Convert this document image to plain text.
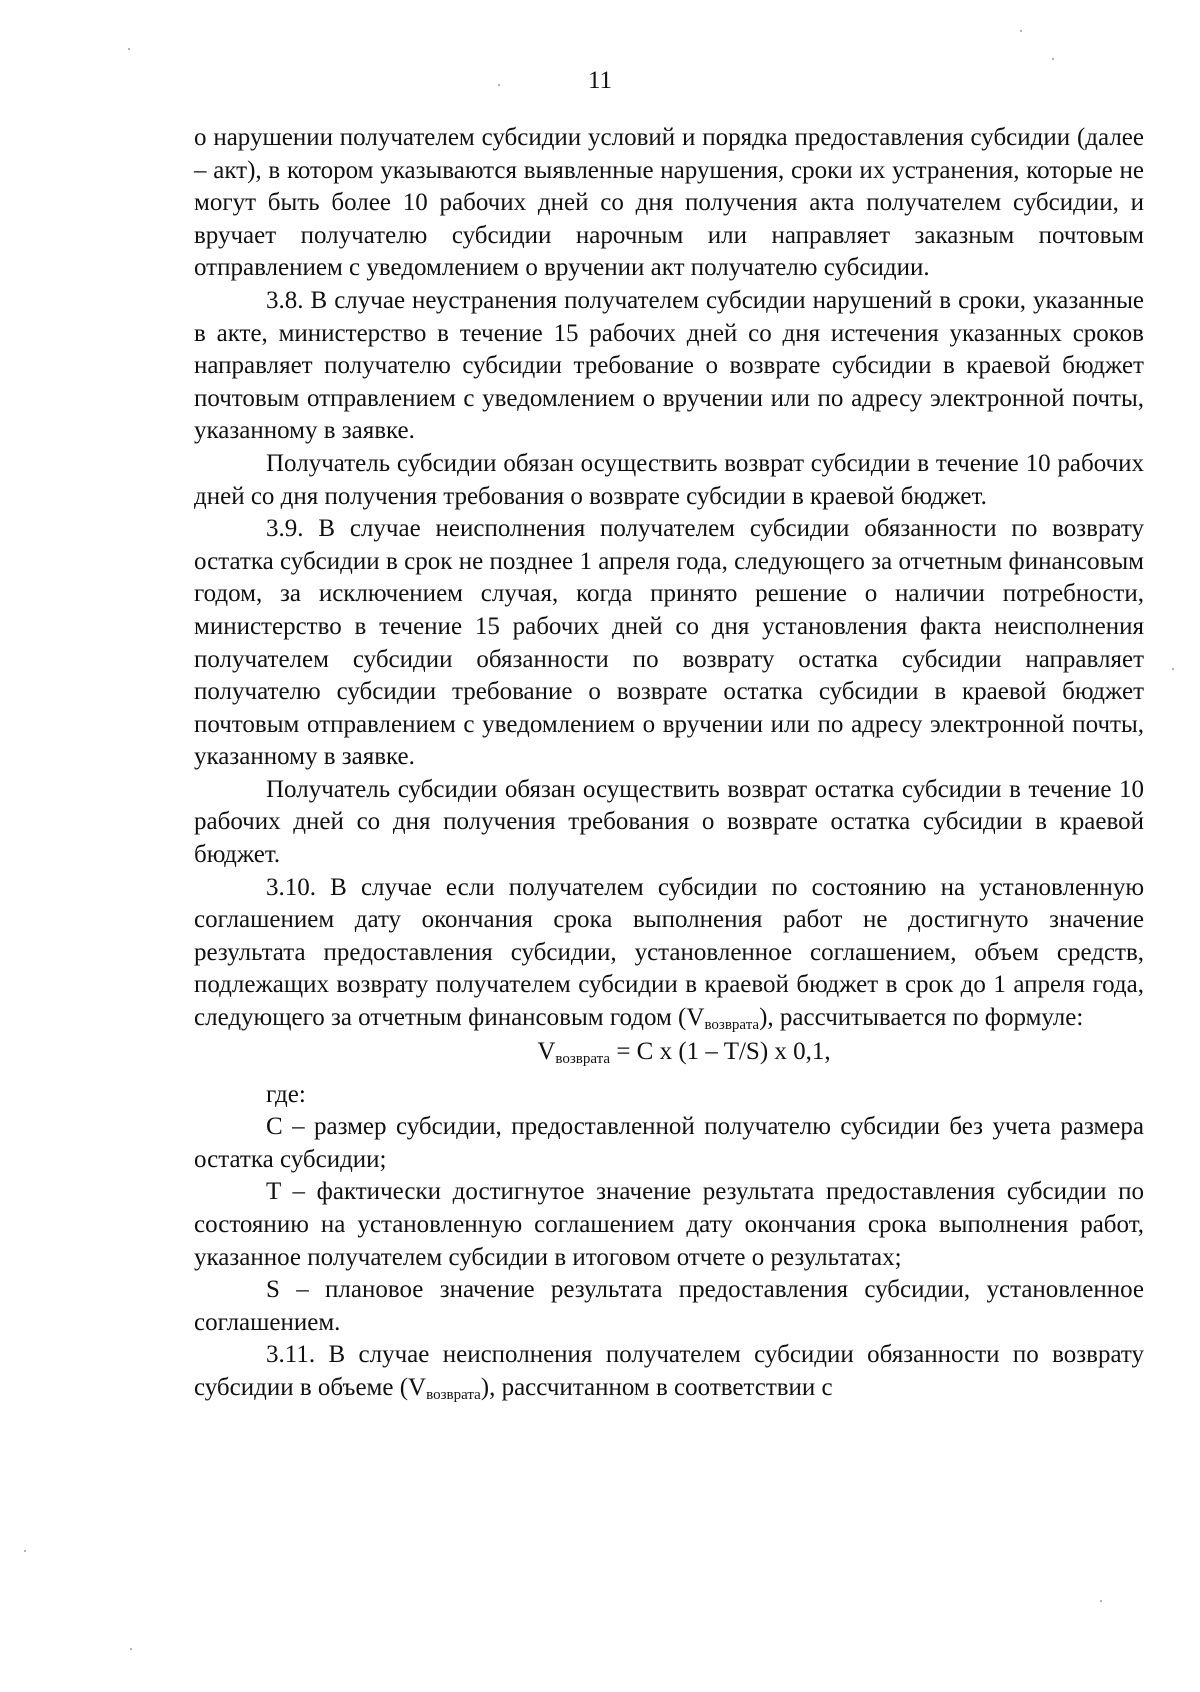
11

о нарушении получателем субсидии условий и порядка предоставления субсидии (далее – акт), в котором указываются выявленные нарушения, сроки их устранения, которые не могут быть более 10 рабочих дней со дня получения акта получателем субсидии, и вручает получателю субсидии нарочным или направляет заказным почтовым отправлением с уведомлением о вручении акт получателю субсидии.

3.8. В случае неустранения получателем субсидии нарушений в сроки, указанные в акте, министерство в течение 15 рабочих дней со дня истечения указанных сроков направляет получателю субсидии требование о возврате субсидии в краевой бюджет почтовым отправлением с уведомлением о вручении или по адресу электронной почты, указанному в заявке.

Получатель субсидии обязан осуществить возврат субсидии в течение 10 рабочих дней со дня получения требования о возврате субсидии в краевой бюджет.

3.9. В случае неисполнения получателем субсидии обязанности по возврату остатка субсидии в срок не позднее 1 апреля года, следующего за отчетным финансовым годом, за исключением случая, когда принято решение о наличии потребности, министерство в течение 15 рабочих дней со дня установления факта неисполнения получателем субсидии обязанности по возврату остатка субсидии направляет получателю субсидии требование о возврате остатка субсидии в краевой бюджет почтовым отправлением с уведомлением о вручении или по адресу электронной почты, указанному в заявке.

Получатель субсидии обязан осуществить возврат остатка субсидии в течение 10 рабочих дней со дня получения требования о возврате остатка субсидии в краевой бюджет.

3.10. В случае если получателем субсидии по состоянию на установленную соглашением дату окончания срока выполнения работ не достигнуто значение результата предоставления субсидии, установленное соглашением, объем средств, подлежащих возврату получателем субсидии в краевой бюджет в срок до 1 апреля года, следующего за отчетным финансовым годом $(V_{возврата})$, рассчитывается по формуле:

$V_{возврата} = C$ x (1 – T/S) x 0,1,

где:

C – размер субсидии, предоставленной получателю субсидии без учета размера остатка субсидии;

T – фактически достигнутое значение результата предоставления субсидии по состоянию на установленную соглашением дату окончания срока выполнения работ, указанное получателем субсидии в итоговом отчете о результатах;

S – плановое значение результата предоставления субсидии, установленное соглашением.

3.11. В случае неисполнения получателем субсидии обязанности по возврату субсидии в объеме $(V_{возврата})$, рассчитанном в соответствии с
